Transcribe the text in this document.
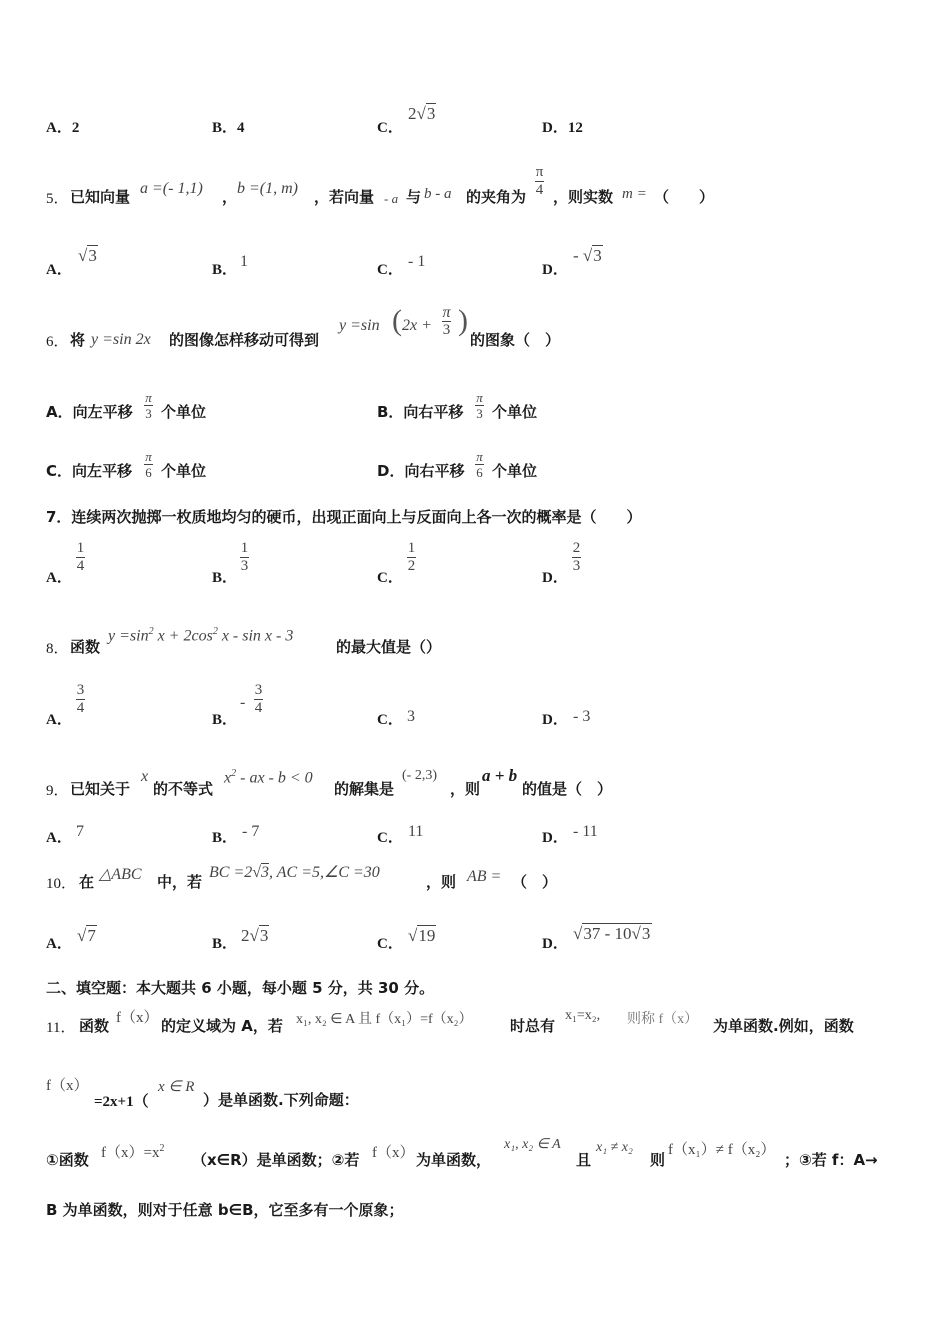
A．2	B．4	C．
2√3
D．12
5． 已知向量 a =(- 1,1) ， b =(1, m) ，若向量 - a 与 b - a 的夹角为
π
4 ，则实数 m = （　　）
A．
√3
B． 1	C． - 1	D．
- √3
6． 将 y =sin 2x 的图像怎样移动可得到
y =sin ( 2x +
π
3 )
的图象（　）
A．向左平移
π
3 个单位	B．向右平移
π
3 个单位
C．向左平移
π
6 个单位	D．向右平移
π
6 个单位
7．连续两次抛掷一枚质地均匀的硬币，出现正面向上与反面向上各一次的概率是（　　）
A．
1
4
B．
1
3
C．
1
2
D．
2
3
8． 函数
$y =\sin^2$ $x + 2\cos^2$ x - sin x - 3
的最大值是（）
A．
3
4
B．
-
3
4
C． 3	D． - 3
9． 已知关于
x
的不等式
$x^2$ - ax - b < 0
的解集是
(- 2,3)
，则
a + b
的值是（　）
A． 7	B． - 7	C． 11	D． - 11
10． 在 △ABC 中，若
BC =2√3, AC =5,∠C =30
，则 AB = （　）
A． √7	B． 2√3	C． √19	D．
√37 - 10√3
二、填空题：本大题共 6 小题，每小题 5 分，共 30 分。
11． 函数 f（x） 的定义域为 A，若 x₁, x₂ ∈ A 且 f（x₁）=f（x₂） 时总有
x₁=x₂, 则称 f（x） 为单函数.例如，函数
f（x）
=2x+1（
x ∈ R
）是单函数.下列命题：
①函数 $f(x)=x^2$
（x∈R）是单函数；②若 f（x） 为单函数，
x₁, x₂ ∈ A
且
x₁ ≠ x₂
则
f（x₁）≠ f（x₂）
；③若 f：A→
B 为单函数，则对于任意 b∈B，它至多有一个原象；
